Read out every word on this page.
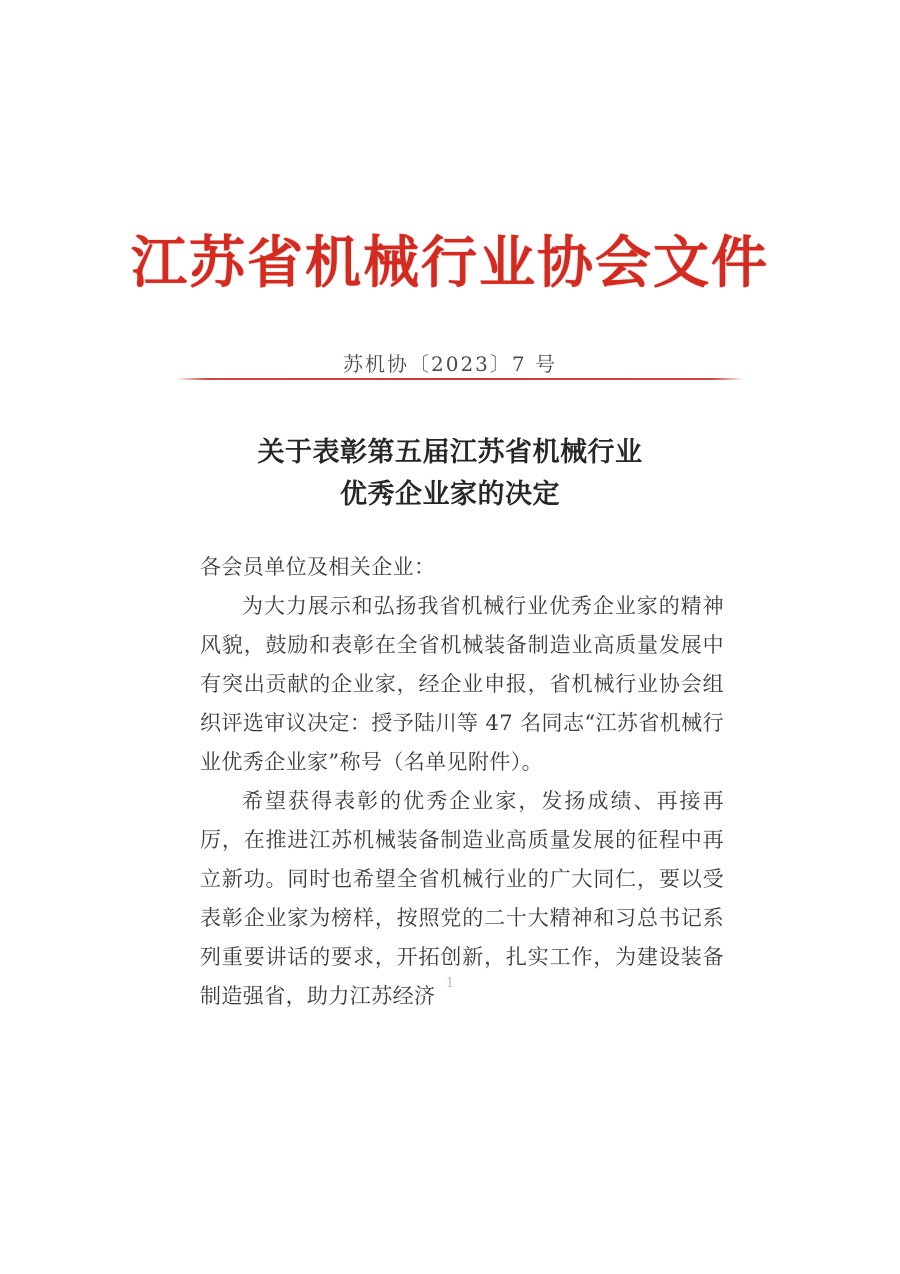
江苏省机械行业协会文件
苏机协〔2023〕7 号
关于表彰第五届江苏省机械行业
优秀企业家的决定
各会员单位及相关企业：
为大力展示和弘扬我省机械行业优秀企业家的精神风貌，鼓励和表彰在全省机械装备制造业高质量发展中有突出贡献的企业家，经企业申报，省机械行业协会组织评选审议决定：授予陆川等 47 名同志“江苏省机械行业优秀企业家”称号（名单见附件）。
希望获得表彰的优秀企业家，发扬成绩、再接再厉，在推进江苏机械装备制造业高质量发展的征程中再立新功。同时也希望全省机械行业的广大同仁，要以受表彰企业家为榜样，按照党的二十大精神和习总书记系列重要讲话的要求，开拓创新，扎实工作，为建设装备制造强省，助力江苏经济
1
